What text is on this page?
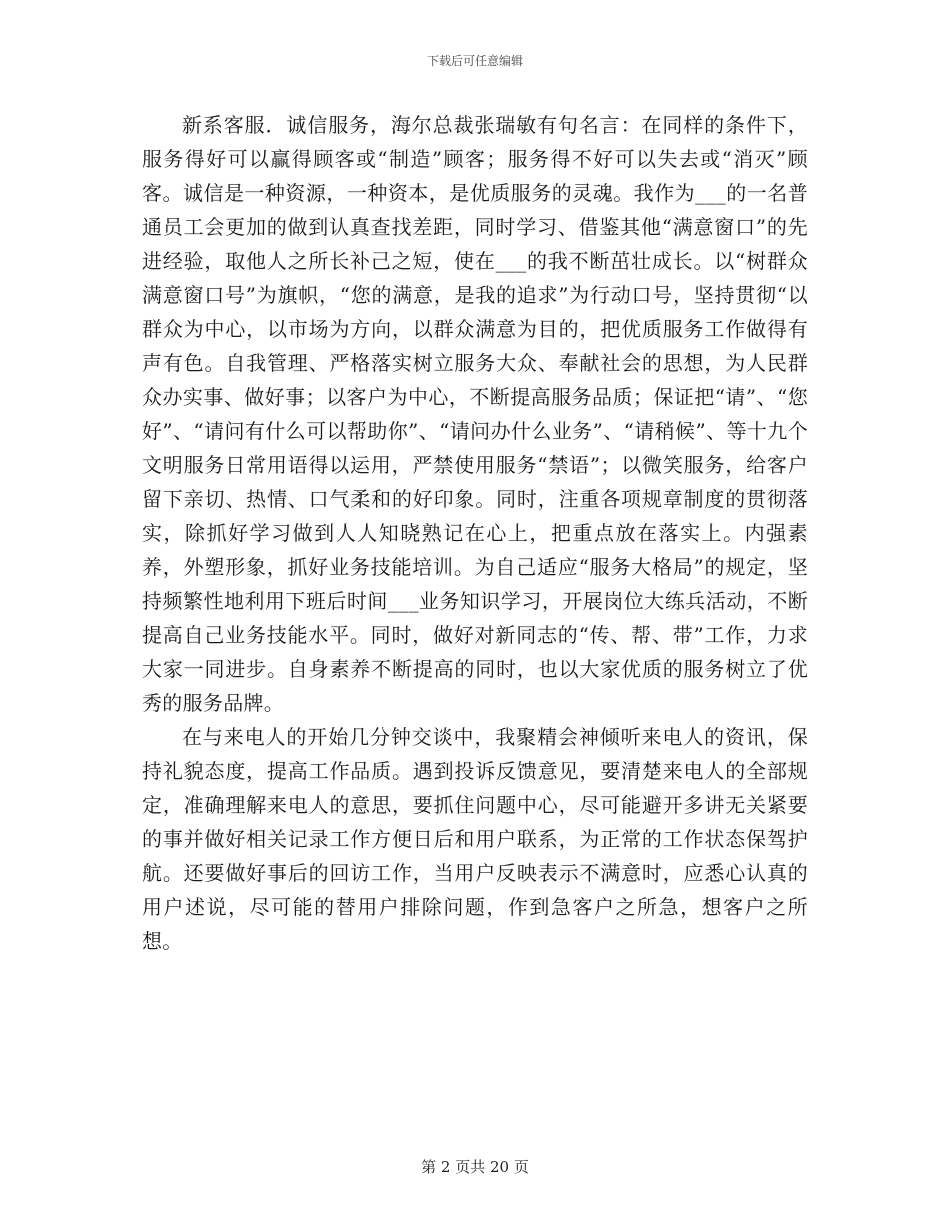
下载后可任意编辑

新系客服．诚信服务，海尔总裁张瑞敏有句名言：在同样的条件下，服务得好可以赢得顾客或“制造”顾客；服务得不好可以失去或“消灭”顾客。诚信是一种资源，一种资本，是优质服务的灵魂。我作为___的一名普通员工会更加的做到认真查找差距，同时学习、借鉴其他“满意窗口”的先进经验，取他人之所长补己之短，使在___的我不断茁壮成长。以“树群众满意窗口号”为旗帜，“您的满意，是我的追求”为行动口号，坚持贯彻“以群众为中心，以市场为方向，以群众满意为目的，把优质服务工作做得有声有色。自我管理、严格落实树立服务大众、奉献社会的思想，为人民群众办实事、做好事；以客户为中心，不断提高服务品质；保证把“请”、“您好”、“请问有什么可以帮助你”、“请问办什么业务”、“请稍候”、等十九个文明服务日常用语得以运用，严禁使用服务“禁语”；以微笑服务，给客户留下亲切、热情、口气柔和的好印象。同时，注重各项规章制度的贯彻落实，除抓好学习做到人人知晓熟记在心上，把重点放在落实上。内强素养，外塑形象，抓好业务技能培训。为自己适应“服务大格局”的规定，坚持频繁性地利用下班后时间___业务知识学习，开展岗位大练兵活动，不断提高自己业务技能水平。同时，做好对新同志的“传、帮、带”工作，力求大家一同进步。自身素养不断提高的同时，也以大家优质的服务树立了优秀的服务品牌。

在与来电人的开始几分钟交谈中，我聚精会神倾听来电人的资讯，保持礼貌态度，提高工作品质。遇到投诉反馈意见，要清楚来电人的全部规定，准确理解来电人的意思，要抓住问题中心，尽可能避开多讲无关紧要的事并做好相关记录工作方便日后和用户联系，为正常的工作状态保驾护航。还要做好事后的回访工作，当用户反映表示不满意时，应悉心认真的用户述说，尽可能的替用户排除问题，作到急客户之所急，想客户之所想。

第 2 页共 20 页
